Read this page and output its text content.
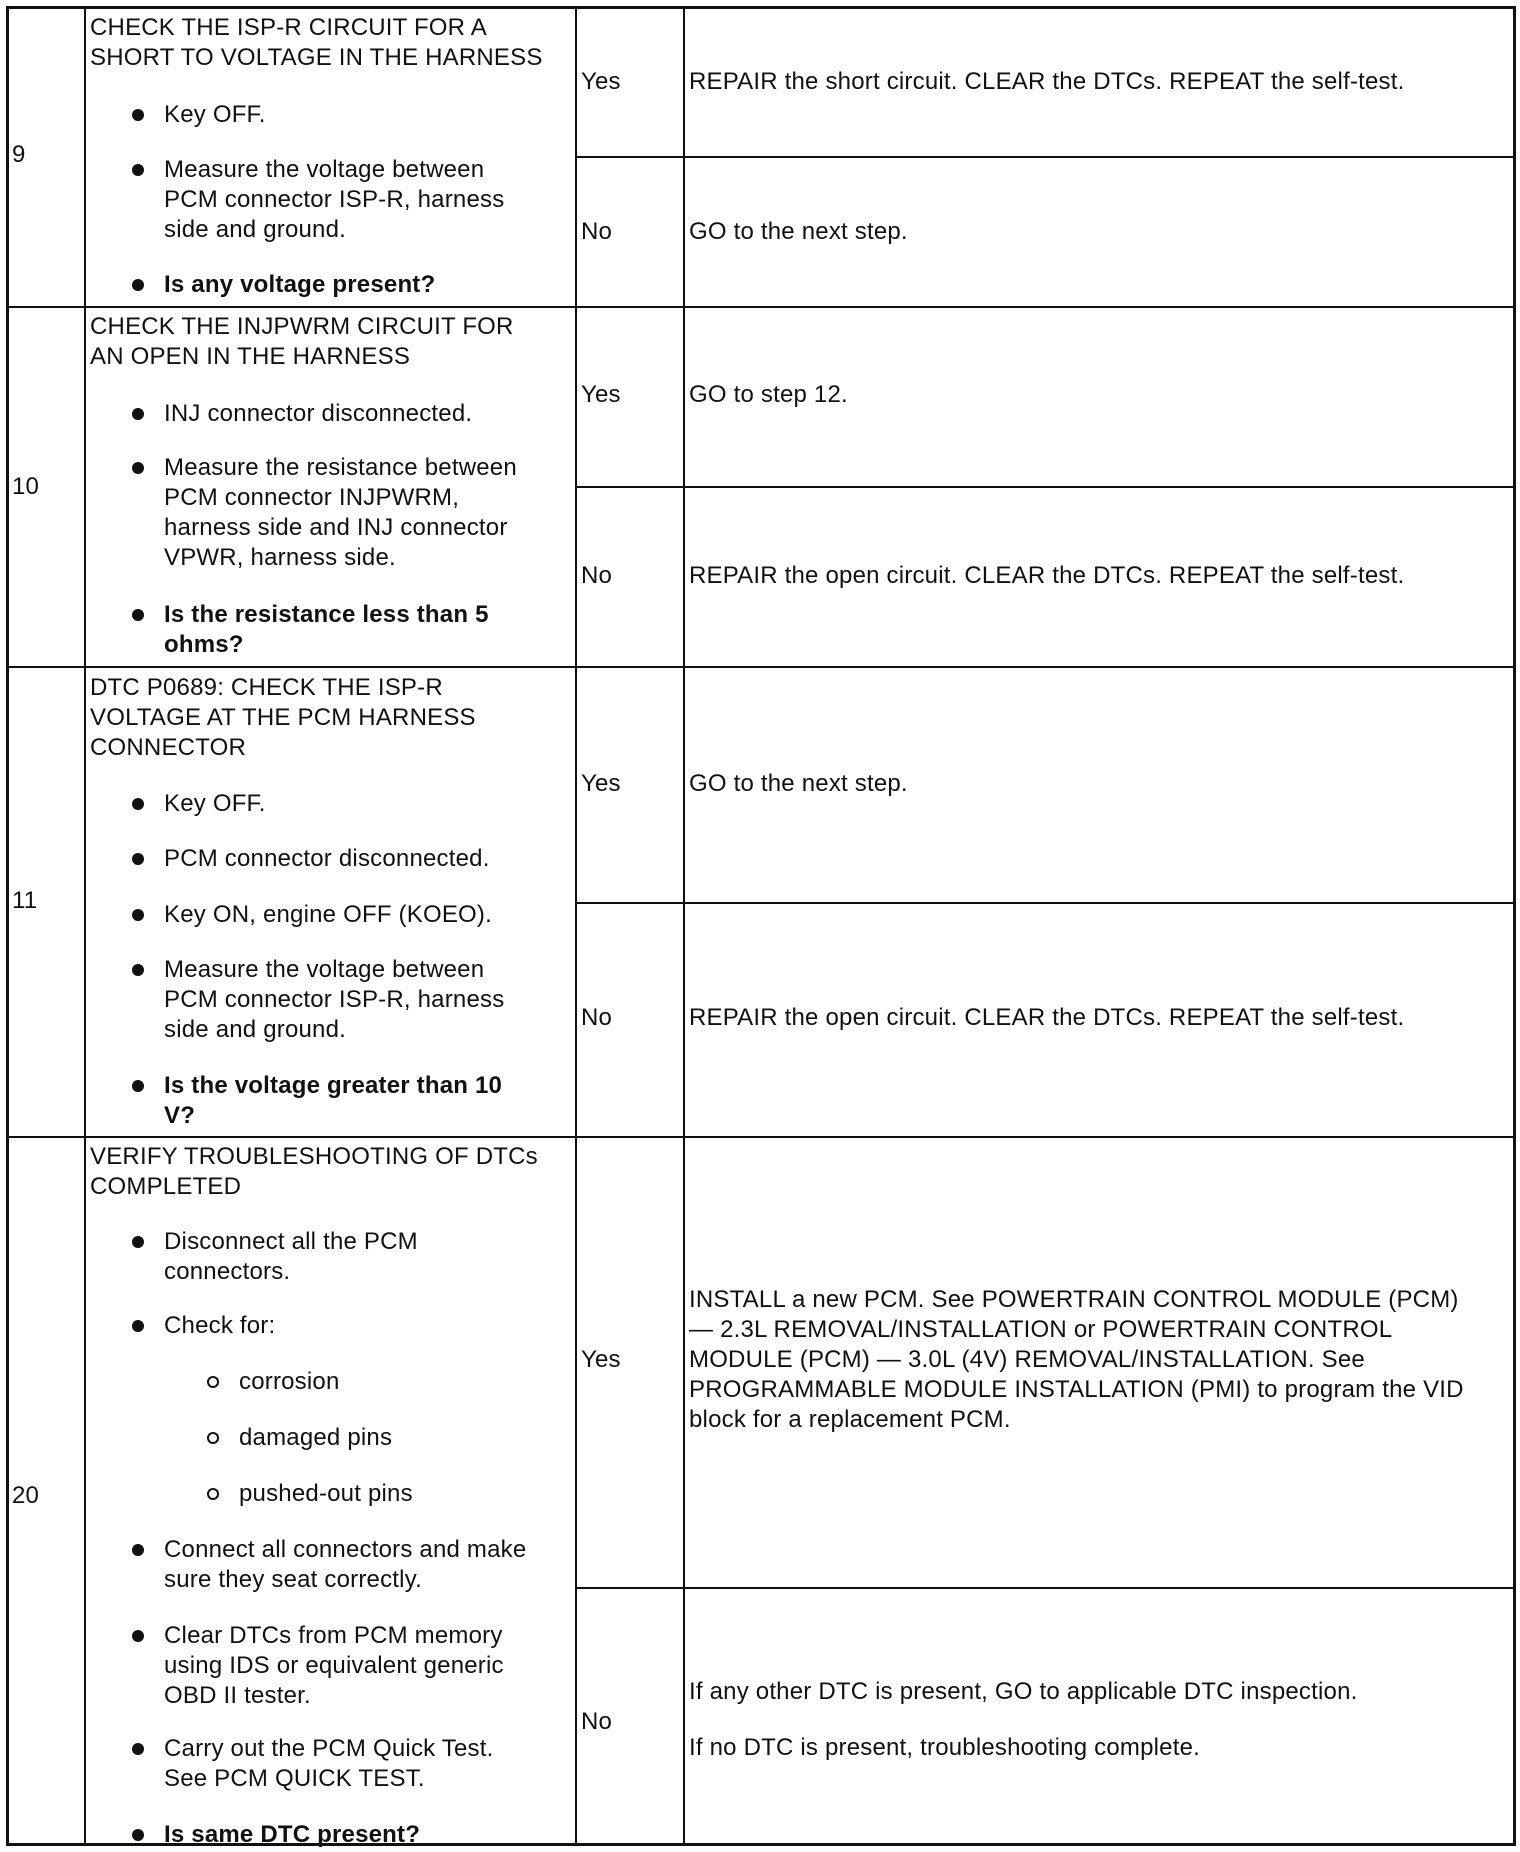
9
CHECK THE ISP-R CIRCUIT FOR A
SHORT TO VOLTAGE IN THE HARNESS
Key OFF.
Measure the voltage between
PCM connector ISP-R, harness
side and ground.
Is any voltage present?
Yes	REPAIR the short circuit. CLEAR the DTCs. REPEAT the self-test.
No	GO to the next step.
10
CHECK THE INJPWRM CIRCUIT FOR
AN OPEN IN THE HARNESS
INJ connector disconnected.
Measure the resistance between
PCM connector INJPWRM,
harness side and INJ connector
VPWR, harness side.
Is the resistance less than 5
ohms?
Yes	GO to step 12.
No	REPAIR the open circuit. CLEAR the DTCs. REPEAT the self-test.
11
DTC P0689: CHECK THE ISP-R
VOLTAGE AT THE PCM HARNESS
CONNECTOR
Key OFF.
PCM connector disconnected.
Key ON, engine OFF (KOEO).
Measure the voltage between
PCM connector ISP-R, harness
side and ground.
Is the voltage greater than 10
V?
Yes	GO to the next step.
No	REPAIR the open circuit. CLEAR the DTCs. REPEAT the self-test.
20
VERIFY TROUBLESHOOTING OF DTCs
COMPLETED
Disconnect all the PCM
connectors.
Check for:
corrosion
damaged pins
pushed-out pins
Connect all connectors and make
sure they seat correctly.
Clear DTCs from PCM memory
using IDS or equivalent generic
OBD II tester.
Carry out the PCM Quick Test.
See PCM QUICK TEST.
Is same DTC present?
Yes
INSTALL a new PCM. See POWERTRAIN CONTROL MODULE (PCM)
— 2.3L REMOVAL/INSTALLATION or POWERTRAIN CONTROL
MODULE (PCM) — 3.0L (4V) REMOVAL/INSTALLATION. See
PROGRAMMABLE MODULE INSTALLATION (PMI) to program the VID
block for a replacement PCM.
No
If any other DTC is present, GO to applicable DTC inspection.
If no DTC is present, troubleshooting complete.
